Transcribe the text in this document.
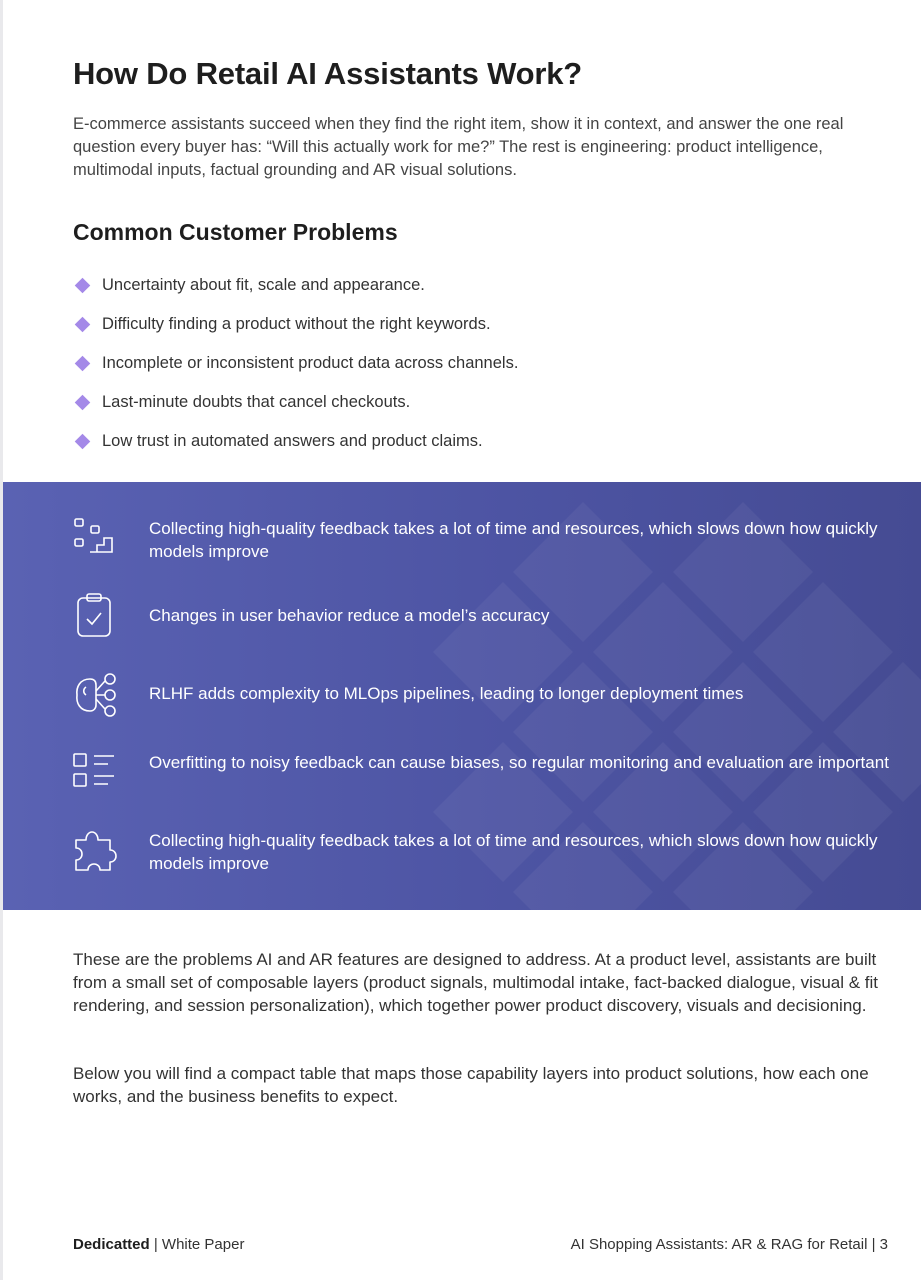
How Do Retail AI Assistants Work?

E-commerce assistants succeed when they find the right item, show it in context, and answer the one real question every buyer has: “Will this actually work for me?” The rest is engineering: product intelligence, multimodal inputs, factual grounding and AR visual solutions.

Common Customer Problems
Uncertainty about fit, scale and appearance.
Difficulty finding a product without the right keywords.
Incomplete or inconsistent product data across channels.
Last-minute doubts that cancel checkouts.
Low trust in automated answers and product claims.

Collecting high-quality feedback takes a lot of time and resources, which slows down how quickly models improve

Changes in user behavior reduce a model’s accuracy

RLHF adds complexity to MLOps pipelines, leading to longer deployment times

Overfitting to noisy feedback can cause biases, so regular monitoring and evaluation are important

Collecting high-quality feedback takes a lot of time and resources, which slows down how quickly models improve

These are the problems AI and AR features are designed to address. At a product level, assistants are built from a small set of composable layers (product signals, multimodal intake, fact-backed dialogue, visual & fit rendering, and session personalization), which together power product discovery, visuals and decisioning.

Below you will find a compact table that maps those capability layers into product solutions, how each one works, and the business benefits to expect.

Dedicatted | White Paper	AI Shopping Assistants: AR & RAG for Retail | 3
